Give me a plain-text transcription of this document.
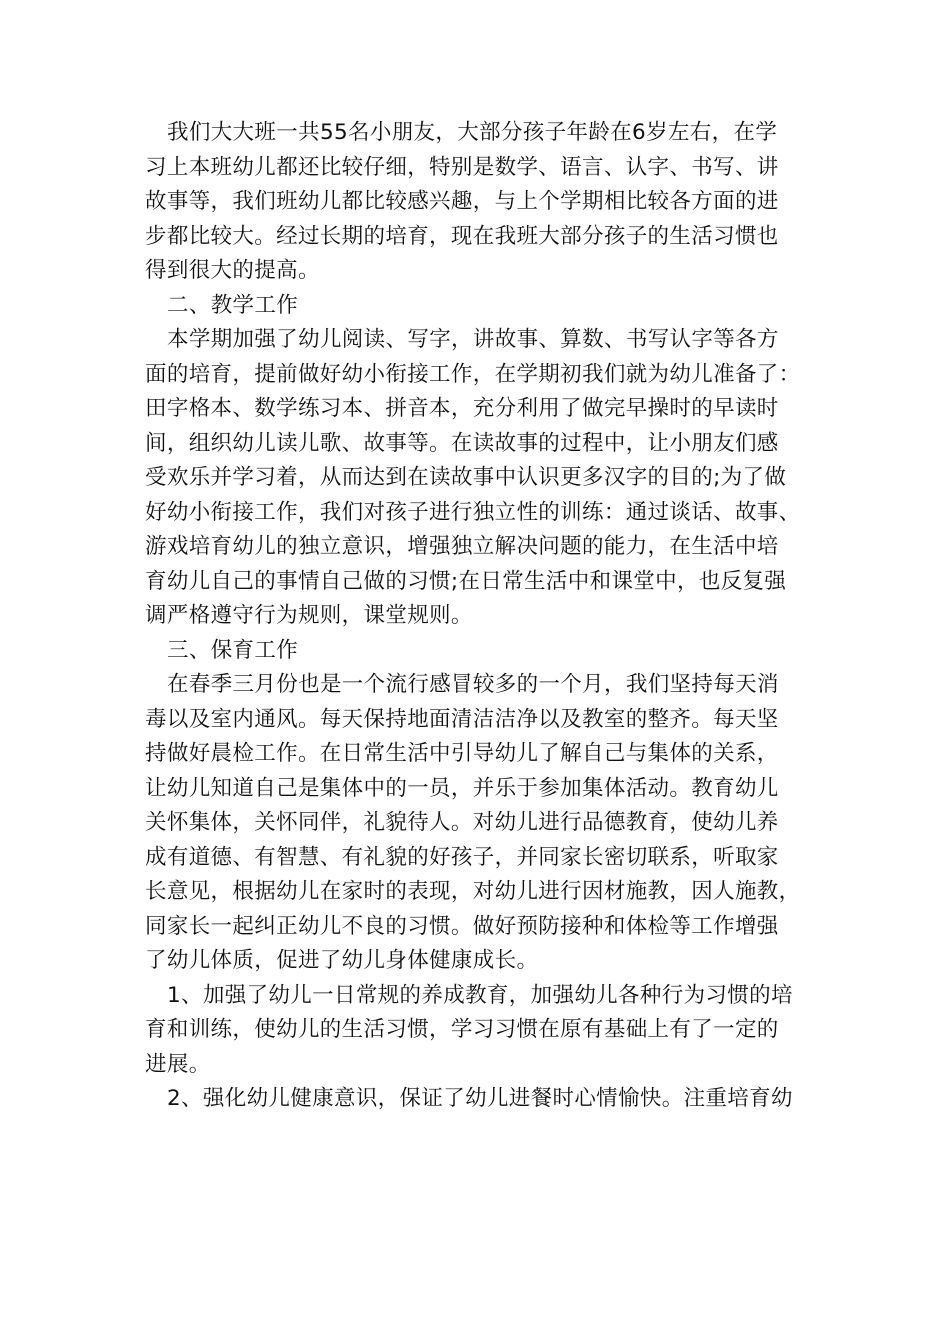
我们大大班一共55名小朋友，大部分孩子年龄在6岁左右，在学
习上本班幼儿都还比较仔细，特别是数学、语言、认字、书写、讲
故事等，我们班幼儿都比较感兴趣，与上个学期相比较各方面的进
步都比较大。经过长期的培育，现在我班大部分孩子的生活习惯也
得到很大的提高。
二、教学工作
本学期加强了幼儿阅读、写字，讲故事、算数、书写认字等各方
面的培育，提前做好幼小衔接工作，在学期初我们就为幼儿准备了：
田字格本、数学练习本、拼音本，充分利用了做完早操时的早读时
间，组织幼儿读儿歌、故事等。在读故事的过程中，让小朋友们感
受欢乐并学习着，从而达到在读故事中认识更多汉字的目的;为了做
好幼小衔接工作，我们对孩子进行独立性的训练：通过谈话、故事、
游戏培育幼儿的独立意识，增强独立解决问题的能力，在生活中培
育幼儿自己的事情自己做的习惯;在日常生活中和课堂中，也反复强
调严格遵守行为规则，课堂规则。
三、保育工作
在春季三月份也是一个流行感冒较多的一个月，我们坚持每天消
毒以及室内通风。每天保持地面清洁洁净以及教室的整齐。每天坚
持做好晨检工作。在日常生活中引导幼儿了解自己与集体的关系，
让幼儿知道自己是集体中的一员，并乐于参加集体活动。教育幼儿
关怀集体，关怀同伴，礼貌待人。对幼儿进行品德教育，使幼儿养
成有道德、有智慧、有礼貌的好孩子，并同家长密切联系，听取家
长意见，根据幼儿在家时的表现，对幼儿进行因材施教，因人施教，
同家长一起纠正幼儿不良的习惯。做好预防接种和体检等工作增强
了幼儿体质，促进了幼儿身体健康成长。
1、加强了幼儿一日常规的养成教育，加强幼儿各种行为习惯的培
育和训练，使幼儿的生活习惯，学习习惯在原有基础上有了一定的
进展。
2、强化幼儿健康意识，保证了幼儿进餐时心情愉快。注重培育幼
